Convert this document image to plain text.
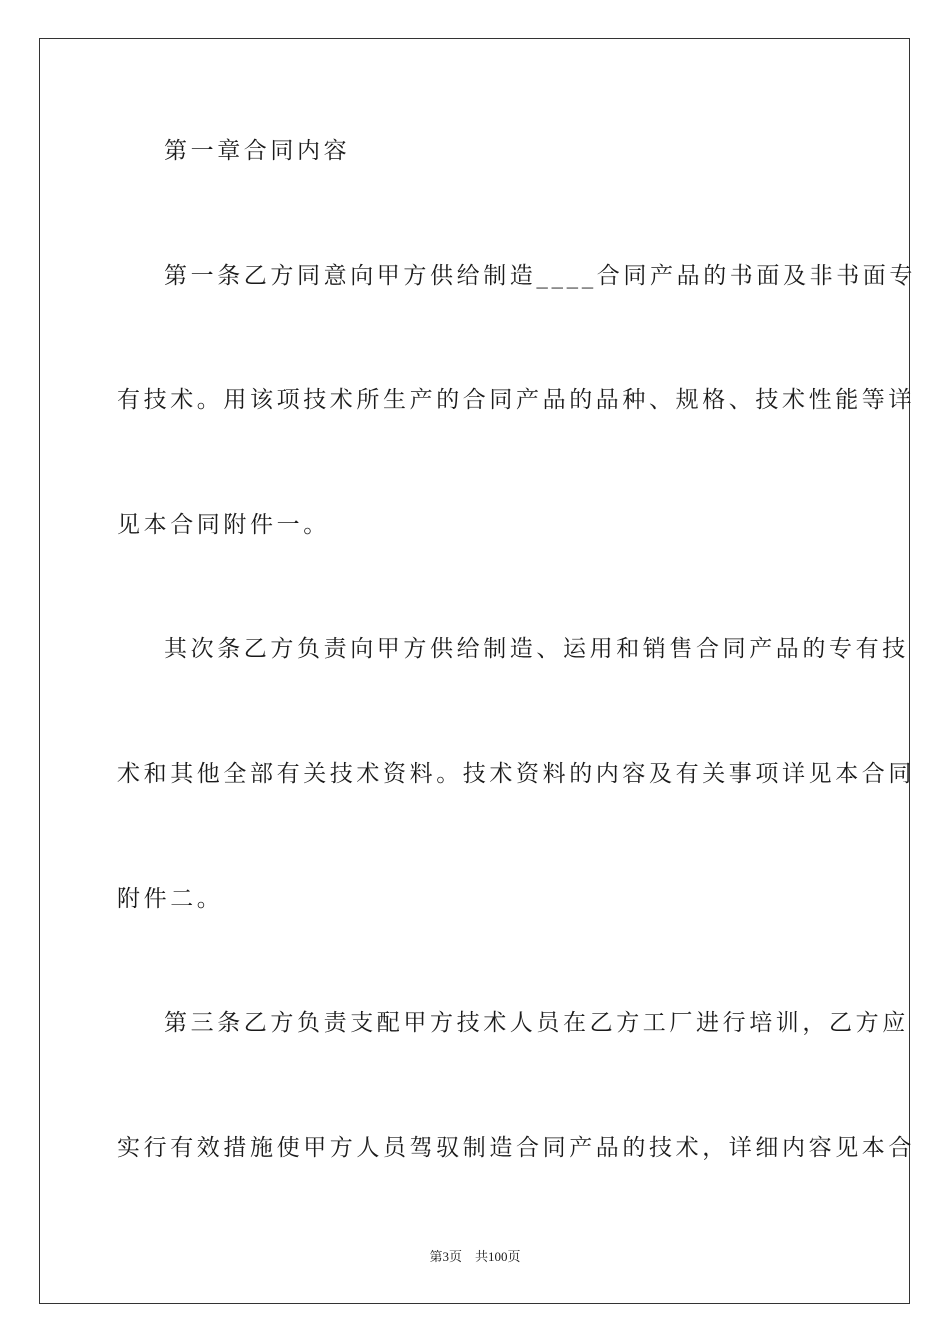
第一章合同内容
第一条乙方同意向甲方供给制造____合同产品的书面及非书面专
有技术。用该项技术所生产的合同产品的品种、规格、技术性能等详
见本合同附件一。
其次条乙方负责向甲方供给制造、运用和销售合同产品的专有技
术和其他全部有关技术资料。技术资料的内容及有关事项详见本合同
附件二。
第三条乙方负责支配甲方技术人员在乙方工厂进行培训，乙方应
实行有效措施使甲方人员驾驭制造合同产品的技术，详细内容见本合
第3页 共100页
